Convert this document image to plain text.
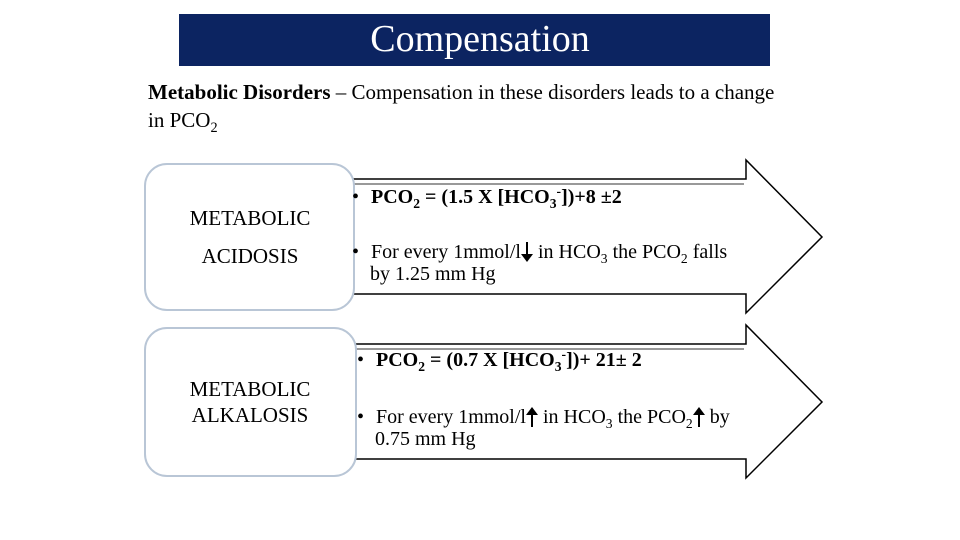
Compensation
Metabolic Disorders – Compensation in these disorders leads to a change in $PCO_2$
METABOLIC
ACIDOSIS
• $PCO_2 = (1.5$ X $[HCO_3^-])+8 \pm 2$
• For every 1mmol/l in $HCO_3$ the $PCO_2$ falls
by 1.25 mm Hg
METABOLIC
ALKALOSIS
• $PCO_2 = (0.7$ X $[HCO_3^-])+ 21\pm 2$
• For every 1mmol/l in $HCO_3$ the $PCO_2$ by
0.75 mm Hg
